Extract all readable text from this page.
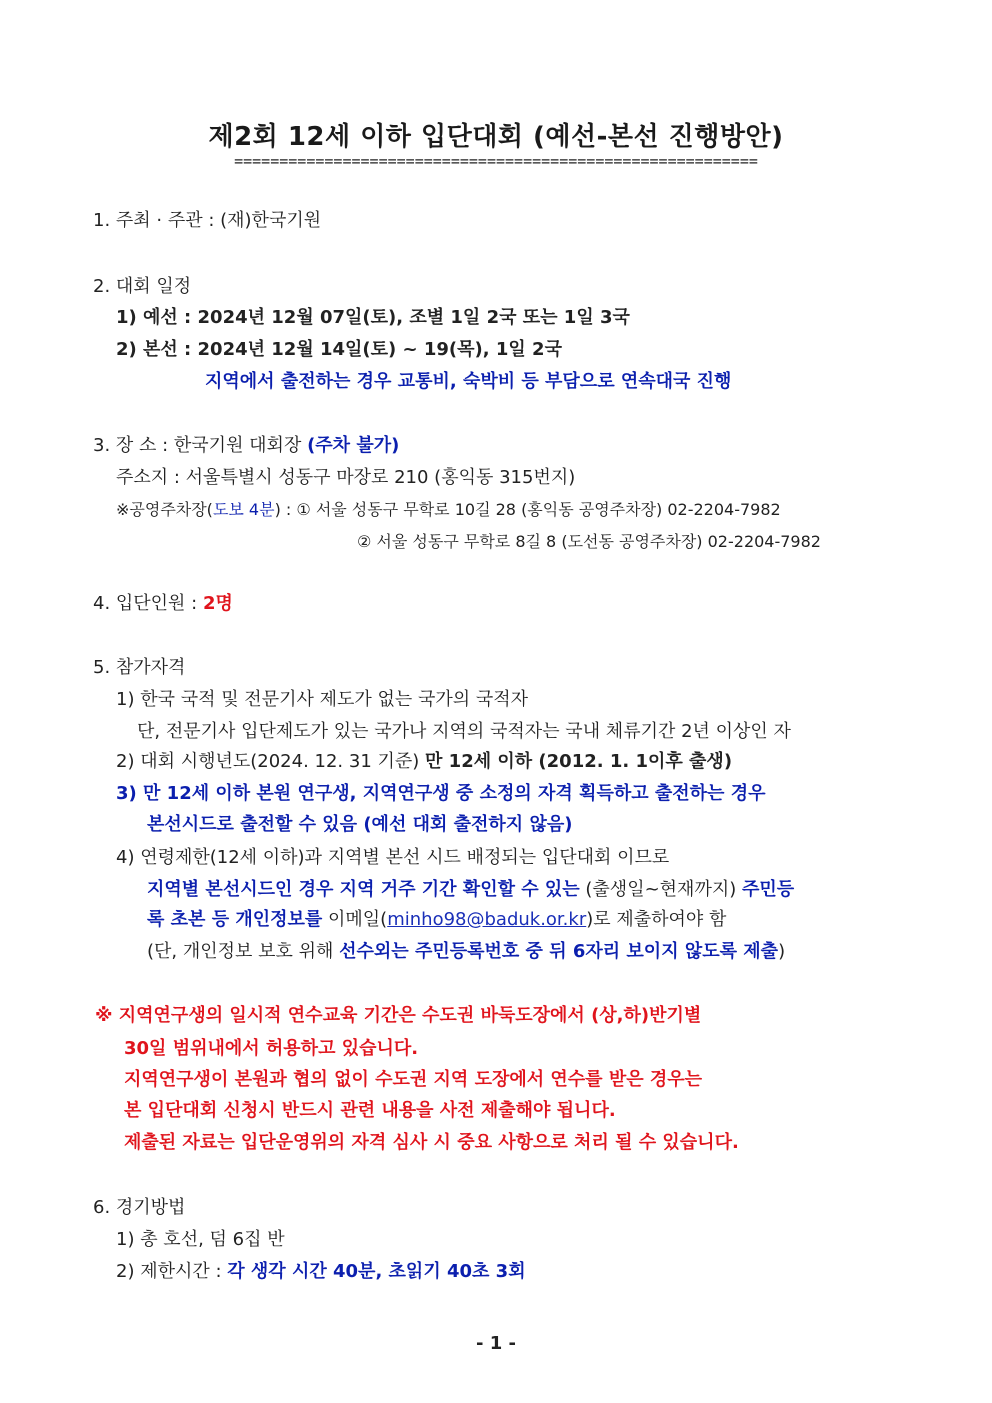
제2회 12세 이하 입단대회 (예선-본선 진행방안)
==========================================================
1. 주최 · 주관 : (재)한국기원
2. 대회 일정
1) 예선 : 2024년 12월 07일(토), 조별 1일 2국 또는 1일 3국
2) 본선 : 2024년 12월 14일(토) ~ 19(목), 1일 2국
지역에서 출전하는 경우 교통비, 숙박비 등 부담으로 연속대국 진행
3. 장 소 : 한국기원 대회장 (주차 불가)
주소지 : 서울특별시 성동구 마장로 210 (홍익동 315번지)
※공영주차장(도보 4분) : ① 서울 성동구 무학로 10길 28 (홍익동 공영주차장) 02-2204-7982
② 서울 성동구 무학로 8길 8 (도선동 공영주차장) 02-2204-7982
4. 입단인원 : 2명
5. 참가자격
1) 한국 국적 및 전문기사 제도가 없는 국가의 국적자
단, 전문기사 입단제도가 있는 국가나 지역의 국적자는 국내 체류기간 2년 이상인 자
2) 대회 시행년도(2024. 12. 31 기준) 만 12세 이하 (2012. 1. 1이후 출생)
3) 만 12세 이하 본원 연구생, 지역연구생 중 소정의 자격 획득하고 출전하는 경우
본선시드로 출전할 수 있음 (예선 대회 출전하지 않음)
4) 연령제한(12세 이하)과 지역별 본선 시드 배정되는 입단대회 이므로
지역별 본선시드인 경우 지역 거주 기간 확인할 수 있는 (출생일~현재까지) 주민등
록 초본 등 개인정보를 이메일(minho98@baduk.or.kr)로 제출하여야 함
(단, 개인정보 보호 위해 선수외는 주민등록번호 중 뒤 6자리 보이지 않도록 제출)
※ 지역연구생의 일시적 연수교육 기간은 수도권 바둑도장에서 (상,하)반기별
30일 범위내에서 허용하고 있습니다.
지역연구생이 본원과 협의 없이 수도권 지역 도장에서 연수를 받은 경우는
본 입단대회 신청시 반드시 관련 내용을 사전 제출해야 됩니다.
제출된 자료는 입단운영위의 자격 심사 시 중요 사항으로 처리 될 수 있습니다.
6. 경기방법
1) 총 호선, 덤 6집 반
2) 제한시간 : 각 생각 시간 40분, 초읽기 40초 3회
- 1 -
